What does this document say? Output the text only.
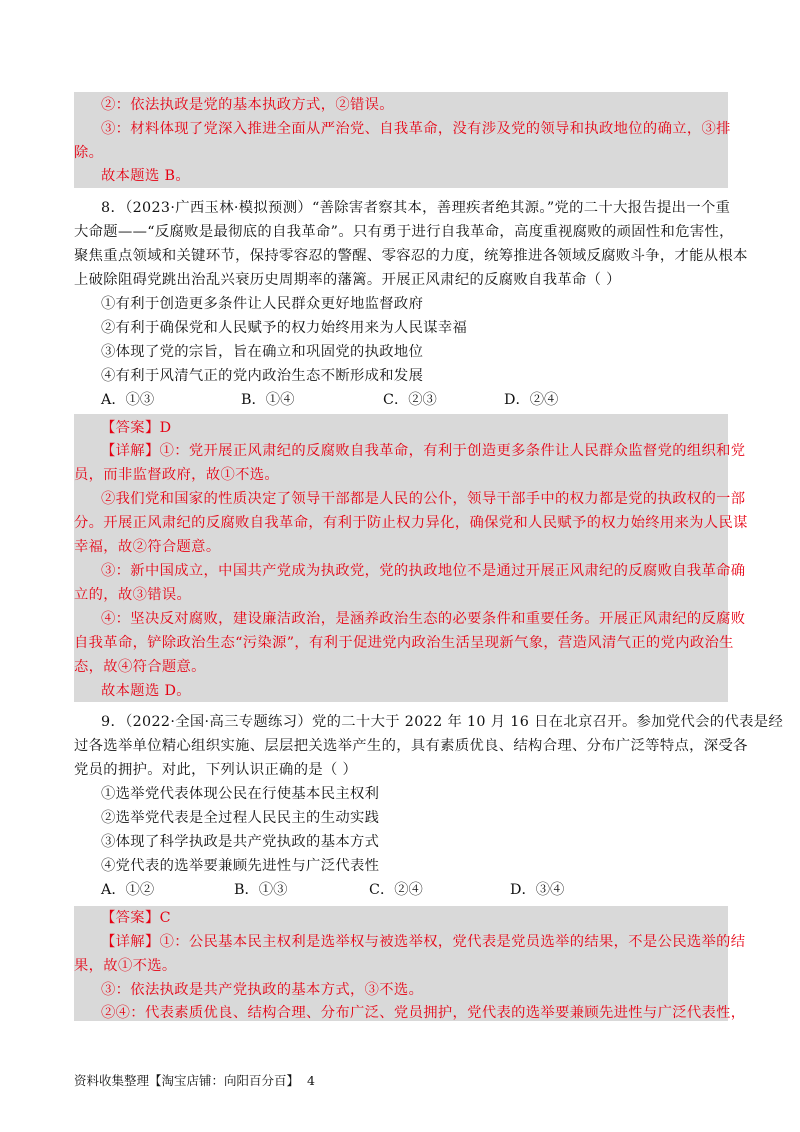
②：依法执政是党的基本执政方式，②错误。
③：材料体现了党深入推进全面从严治党、自我革命，没有涉及党的领导和执政地位的确立，③排
除。
故本题选 B。
8．（2023·广西玉林·模拟预测）“善除害者察其本，善理疾者绝其源。”党的二十大报告提出一个重
大命题——“反腐败是最彻底的自我革命”。只有勇于进行自我革命，高度重视腐败的顽固性和危害性，
聚焦重点领域和关键环节，保持零容忍的警醒、零容忍的力度，统筹推进各领域反腐败斗争，才能从根本
上破除阻碍党跳出治乱兴衰历史周期率的藩篱。开展正风肃纪的反腐败自我革命（ ）
①有利于创造更多条件让人民群众更好地监督政府
②有利于确保党和人民赋予的权力始终用来为人民谋幸福
③体现了党的宗旨，旨在确立和巩固党的执政地位
④有利于风清气正的党内政治生态不断形成和发展
A．①③	B．①④	C．②③	D．②④
【答案】D
【详解】①：党开展正风肃纪的反腐败自我革命，有利于创造更多条件让人民群众监督党的组织和党
员，而非监督政府，故①不选。
②我们党和国家的性质决定了领导干部都是人民的公仆，领导干部手中的权力都是党的执政权的一部
分。开展正风肃纪的反腐败自我革命，有利于防止权力异化，确保党和人民赋予的权力始终用来为人民谋
幸福，故②符合题意。
③：新中国成立，中国共产党成为执政党，党的执政地位不是通过开展正风肃纪的反腐败自我革命确
立的，故③错误。
④：坚决反对腐败，建设廉洁政治，是涵养政治生态的必要条件和重要任务。开展正风肃纪的反腐败
自我革命，铲除政治生态“污染源”，有利于促进党内政治生活呈现新气象，营造风清气正的党内政治生
态，故④符合题意。
9．（2022·全国·高三专题练习）党的二十大于 2022 年 10 月 16 日在北京召开。参加党代会的代表是经
过各选举单位精心组织实施、层层把关选举产生的，具有素质优良、结构合理、分布广泛等特点，深受各
党员的拥护。对此，下列认识正确的是（ ）
①选举党代表体现公民在行使基本民主权利
②选举党代表是全过程人民民主的生动实践
③体现了科学执政是共产党执政的基本方式
④党代表的选举要兼顾先进性与广泛代表性
A．①②	B．①③	C．②④	D．③④
【答案】C
【详解】①：公民基本民主权利是选举权与被选举权，党代表是党员选举的结果，不是公民选举的结
果，故①不选。
③：依法执政是共产党执政的基本方式，③不选。
②④：代表素质优良、结构合理、分布广泛、党员拥护，党代表的选举要兼顾先进性与广泛代表性，
资料收集整理【淘宝店铺：向阳百分百】 4
故本题选 D。
